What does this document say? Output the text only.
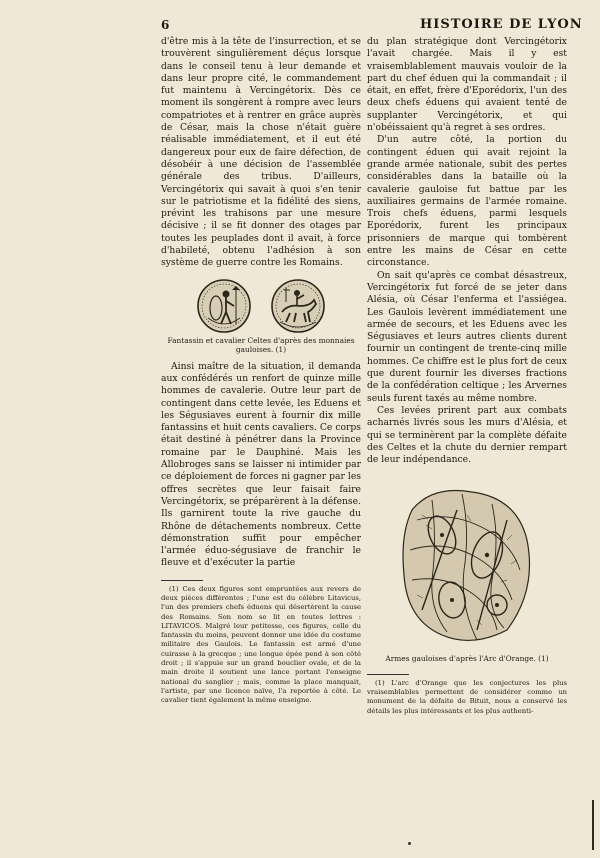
6	HISTOIRE DE LYON

d'être mis à la tête de l'insurrection, et se trouvèrent singulièrement déçus lorsque dans le conseil tenu à leur demande et dans leur propre cité, le commandement fut maintenu à Vercingétorix. Dès ce moment ils songèrent à rompre avec leurs compatriotes et à rentrer en grâce auprès de César, mais la chose n'était guère réalisable immédiatement, et il eut été dangereux pour eux de faire défection, de désobéir à une décision de l'assemblée générale des tribus. D'ailleurs, Vercingétorix qui savait à quoi s'en tenir sur le patriotisme et la fidélité des siens, prévint les trahisons par une mesure décisive ; il se fit donner des otages par toutes les peuplades dont il avait, à force d'habileté, obtenu l'adhésion à son système de guerre contre les Romains.

Fantassin et cavalier Celtes d'après des monnaies gauloises. (1)

Ainsi maître de la situation, il demanda aux confédérés un renfort de quinze mille hommes de cavalerie. Outre leur part de contingent dans cette levée, les Eduens et les Ségusiaves eurent à fournir dix mille fantassins et huit cents cavaliers. Ce corps était destiné à pénétrer dans la Province romaine par le Dauphiné. Mais les Allobroges sans se laisser ni intimider par ce déploiement de forces ni gagner par les offres secrètes que leur faisait faire Vercingétorix, se préparèrent à la défense. Ils garnirent toute la rive gauche du Rhône de détachements nombreux. Cette démonstration suffit pour empêcher l'armée éduo-ségusiave de franchir le fleuve et d'exécuter la partie

(1) Ces deux figures sont empruntées aux revers de deux pièces différentes ; l'une est du célèbre Litavicus, l'un des premiers chefs éduens qui désertèrent la cause des Romains. Son nom se lit en toutes lettres : LITAVICOS. Malgré leur petitesse, ces figures, celle du fantassin du moins, peuvent donner une idée du costume militaire des Gaulois. Le fantassin est armé d'une cuirasse à la grecque ; une longue épée pend à son côté droit ; il s'appuie sur un grand bouclier ovale, et de la main droite il soutient une lance portant l'enseigne national du sanglier ; mais, comme la place manquait, l'artiste, par une licence naïve, l'a reportée à côté. Le cavalier tient également la même enseigne.

du plan stratégique dont Vercingétorix l'avait chargée. Mais il y est vraisemblablement mauvais vouloir de la part du chef éduen qui la commandait ; il était, en effet, frère d'Eporédorix, l'un des deux chefs éduens qui avaient tenté de supplanter Vercingétorix, et qui n'obéissaient qu'à regret à ses ordres.

D'un autre côté, la portion du contingent éduen qui avait rejoint la grande armée nationale, subit des pertes considérables dans la bataille où la cavalerie gauloise fut battue par les auxiliaires germains de l'armée romaine. Trois chefs éduens, parmi lesquels Eporédorix, furent les principaux prisonniers de marque qui tombèrent entre les mains de César en cette circonstance.

On sait qu'après ce combat désastreux, Vercingétorix fut forcé de se jeter dans Alésia, où César l'enferma et l'assiégea. Les Gaulois levèrent immédiatement une armée de secours, et les Eduens avec les Ségusiaves et leurs autres clients durent fournir un contingent de trente-cinq mille hommes. Ce chiffre est le plus fort de ceux que durent fournir les diverses fractions de la confédération celtique ; les Arvernes seuls furent taxés au même nombre.

Ces levées prirent part aux combats acharnés livrés sous les murs d'Alésia, et qui se terminèrent par la complète défaite des Celtes et la chute du dernier rempart de leur indépendance.

Armes gauloises d'après l'Arc d'Orange. (1)
(1) L'arc d'Orange que les conjectures les plus vraisemblables permettent de considérer comme un monument de la défaite de Bituit, nous a conservé les détails les plus intéressants et les plus authenti-
